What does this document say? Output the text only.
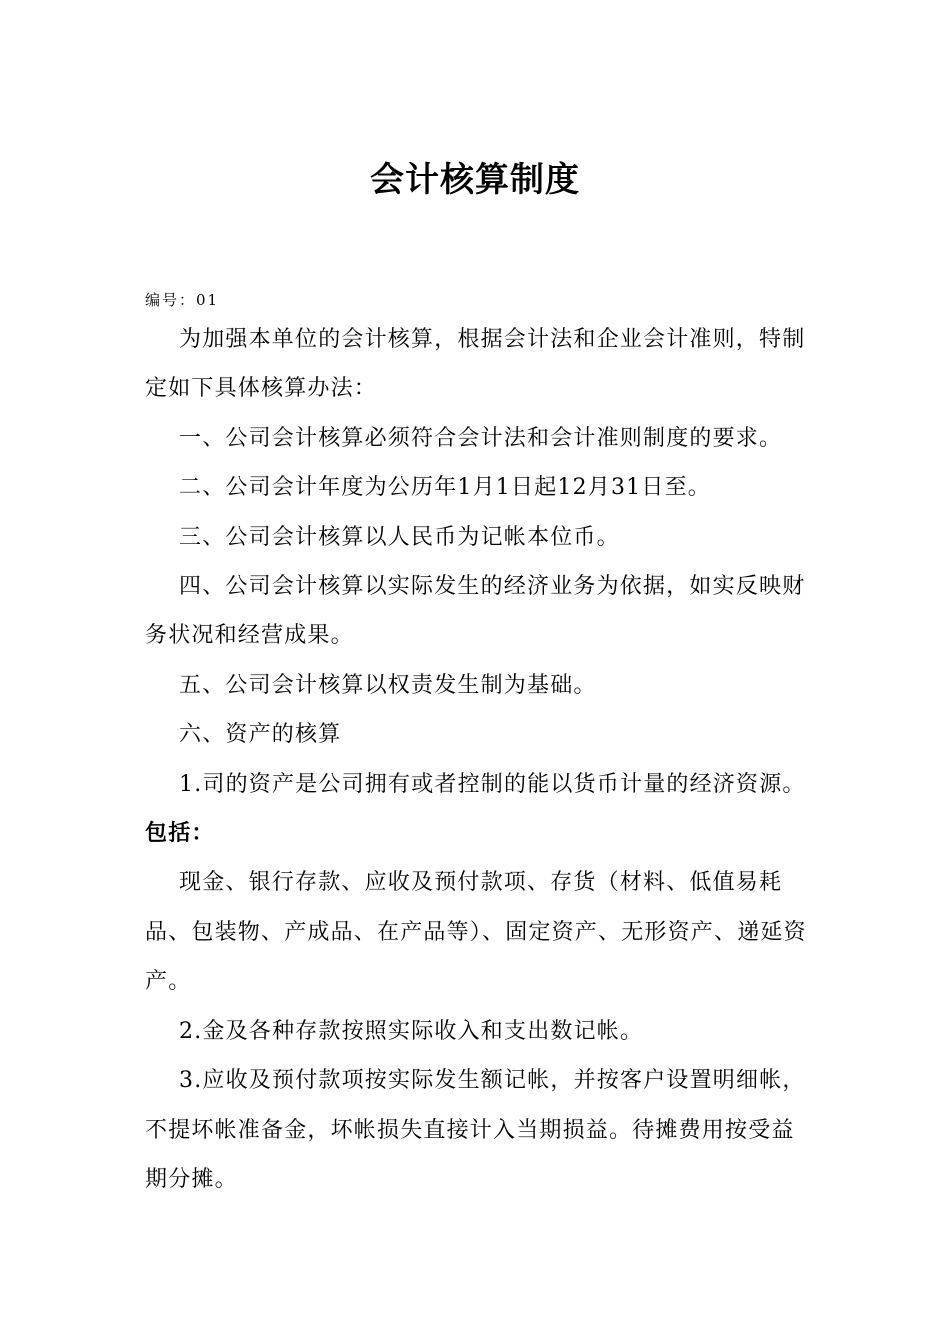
会计核算制度
编号：01

为加强本单位的会计核算，根据会计法和企业会计准则，特制定如下具体核算办法：

一、公司会计核算必须符合会计法和会计准则制度的要求。

二、公司会计年度为公历年1月1日起12月31日至。

三、公司会计核算以人民币为记帐本位币。

四、公司会计核算以实际发生的经济业务为依据，如实反映财务状况和经营成果。

五、公司会计核算以权责发生制为基础。

六、资产的核算

1.司的资产是公司拥有或者控制的能以货币计量的经济资源。

包括：

现金、银行存款、应收及预付款项、存货（材料、低值易耗品、包装物、产成品、在产品等）、固定资产、无形资产、递延资产。

2.金及各种存款按照实际收入和支出数记帐。

3.应收及预付款项按实际发生额记帐，并按客户设置明细帐，不提坏帐准备金，坏帐损失直接计入当期损益。待摊费用按受益期分摊。
